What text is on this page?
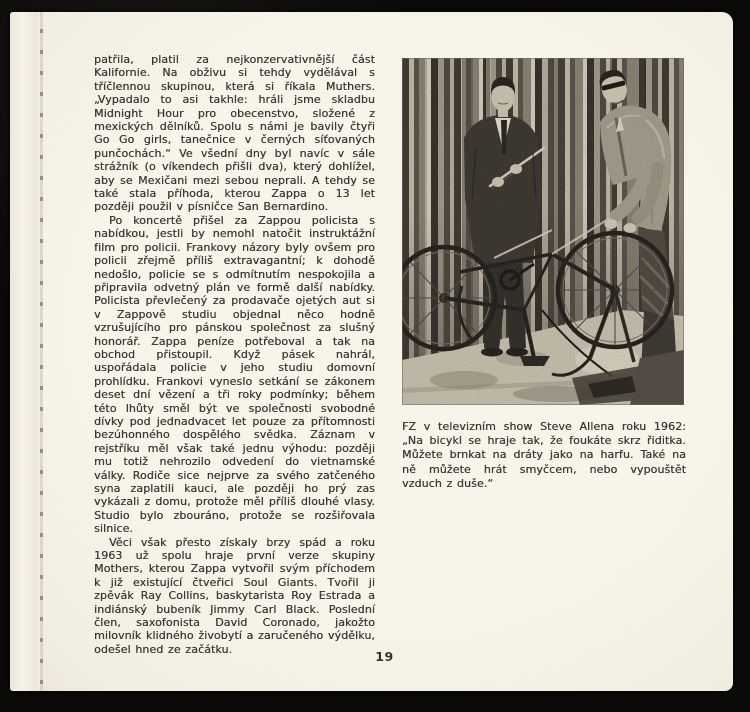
patřila, platil za nejkonzervativnější část Kalifornie. Na obživu si tehdy vydělával s tříčlennou skupinou, která si říkala Muthers. „Vypadalo to asi takhle: hráli jsme skladbu Midnight Hour pro obecenstvo, složené z mexických dělníků. Spolu s námi je bavily čtyři Go Go girls, tanečnice v černých síťovaných punčochách.“ Ve všední dny byl navíc v sále strážník (o víkendech přišli dva), který dohlížel, aby se Mexičani mezi sebou neprali. A tehdy se také stala příhoda, kterou Zappa o 13 let později použil v písničce San Bernardino.

Po koncertě přišel za Zappou policista s nabídkou, jestli by nemohl natočit instruktážní film pro policii. Frankovy názory byly ovšem pro policii zřejmě příliš extravagantní; k dohodě nedošlo, policie se s odmítnutím nespokojila a připravila odvetný plán ve formě další nabídky. Policista převlečený za prodavače ojetých aut si v Zappově studiu objednal něco hodně vzrušujícího pro pánskou společnost za slušný honorář. Zappa peníze potřeboval a tak na obchod přistoupil. Když pásek nahrál, uspořádala policie v jeho studiu domovní prohlídku. Frankovi vyneslo setkání se zákonem deset dní vězení a tři roky podmínky; během této lhůty směl být ve společnosti svobodné dívky pod jednadvacet let pouze za přítomnosti bezúhonného dospělého svědka. Záznam v rejstříku měl však také jednu výhodu: později mu totiž nehrozilo odvedení do vietnamské války. Rodiče sice nejprve za svého zatčeného syna zaplatili kauci, ale později ho prý zas vykázali z domu, protože měl příliš dlouhé vlasy. Studio bylo zbouráno, protože se rozšiřovala silnice.

Věci však přesto získaly brzy spád a roku 1963 už spolu hraje první verze skupiny Mothers, kterou Zappa vytvořil svým příchodem k již existující čtveřici Soul Giants. Tvořil ji zpěvák Ray Collins, baskytarista Roy Estrada a indiánský bubeník Jimmy Carl Black. Poslední člen, saxofonista David Coronado, jakožto milovník klidného živobytí a zaručeného výdělku, odešel hned ze začátku.

FZ v televizním show Steve Allena roku 1962: „Na bicykl se hraje tak, že foukáte skrz řiditka. Můžete brnkat na dráty jako na harfu. Také na ně můžete hrát smyčcem, nebo vypouštět vzduch z duše.“
19
